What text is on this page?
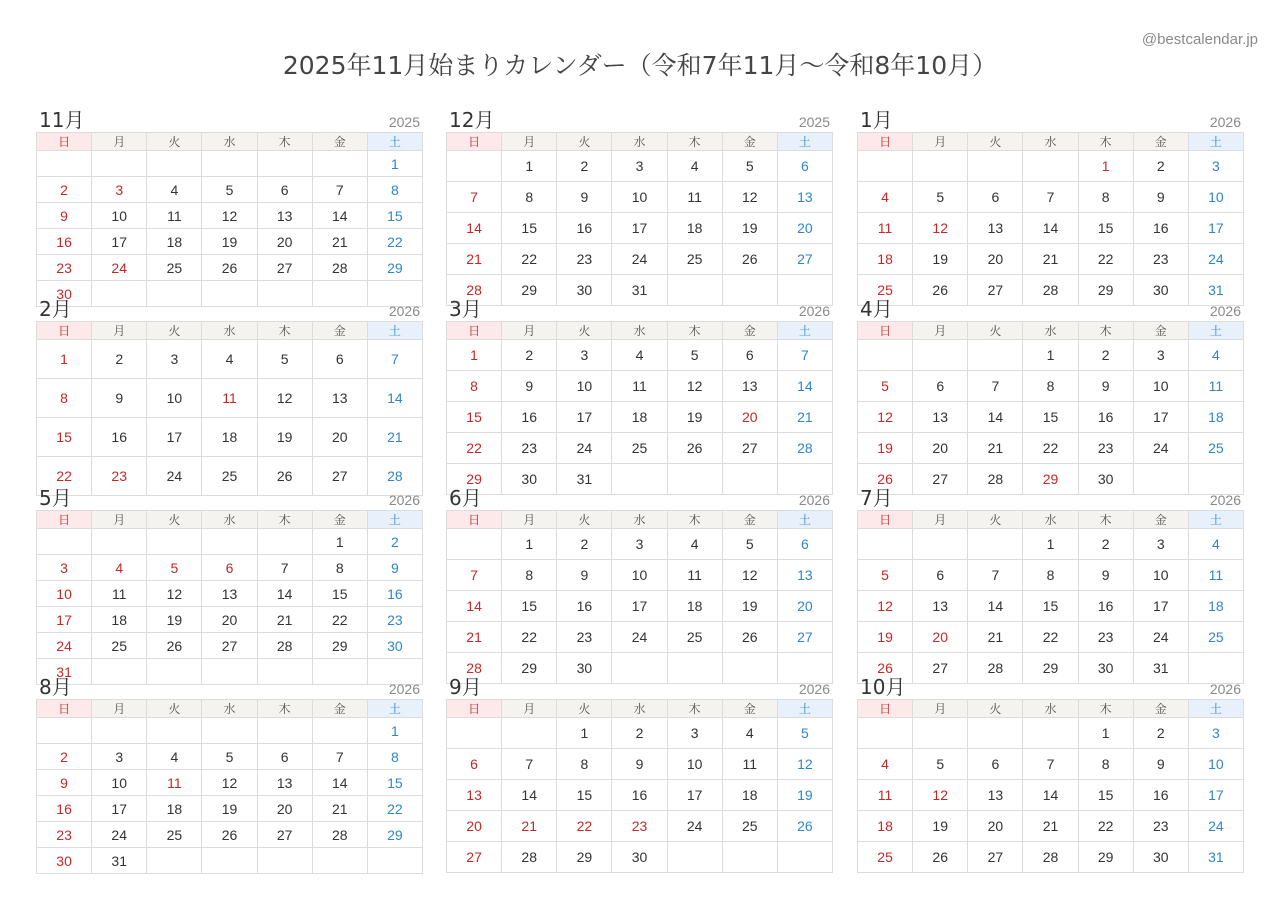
@bestcalendar.jp
2025年11月始まりカレンダー（令和7年11月〜令和8年10月）
11月	2025
日	月	火	水	木	金	土
						1
2	3	4	5	6	7	8
9	10	11	12	13	14	15
16	17	18	19	20	21	22
23	24	25	26	27	28	29
30						
12月	2025
日	月	火	水	木	金	土
	1	2	3	4	5	6
7	8	9	10	11	12	13
14	15	16	17	18	19	20
21	22	23	24	25	26	27
28	29	30	31			
1月	2026
日	月	火	水	木	金	土
				1	2	3
4	5	6	7	8	9	10
11	12	13	14	15	16	17
18	19	20	21	22	23	24
25	26	27	28	29	30	31
2月	2026
日	月	火	水	木	金	土
1	2	3	4	5	6	7
8	9	10	11	12	13	14
15	16	17	18	19	20	21
22	23	24	25	26	27	28
3月	2026
日	月	火	水	木	金	土
1	2	3	4	5	6	7
8	9	10	11	12	13	14
15	16	17	18	19	20	21
22	23	24	25	26	27	28
29	30	31				
4月	2026
日	月	火	水	木	金	土
			1	2	3	4
5	6	7	8	9	10	11
12	13	14	15	16	17	18
19	20	21	22	23	24	25
26	27	28	29	30		
5月	2026
日	月	火	水	木	金	土
					1	2
3	4	5	6	7	8	9
10	11	12	13	14	15	16
17	18	19	20	21	22	23
24	25	26	27	28	29	30
31						
6月	2026
日	月	火	水	木	金	土
	1	2	3	4	5	6
7	8	9	10	11	12	13
14	15	16	17	18	19	20
21	22	23	24	25	26	27
28	29	30				
7月	2026
日	月	火	水	木	金	土
			1	2	3	4
5	6	7	8	9	10	11
12	13	14	15	16	17	18
19	20	21	22	23	24	25
26	27	28	29	30	31	
8月	2026
日	月	火	水	木	金	土
						1
2	3	4	5	6	7	8
9	10	11	12	13	14	15
16	17	18	19	20	21	22
23	24	25	26	27	28	29
30	31					
9月	2026
日	月	火	水	木	金	土
		1	2	3	4	5
6	7	8	9	10	11	12
13	14	15	16	17	18	19
20	21	22	23	24	25	26
27	28	29	30			
10月	2026
日	月	火	水	木	金	土
				1	2	3
4	5	6	7	8	9	10
11	12	13	14	15	16	17
18	19	20	21	22	23	24
25	26	27	28	29	30	31
